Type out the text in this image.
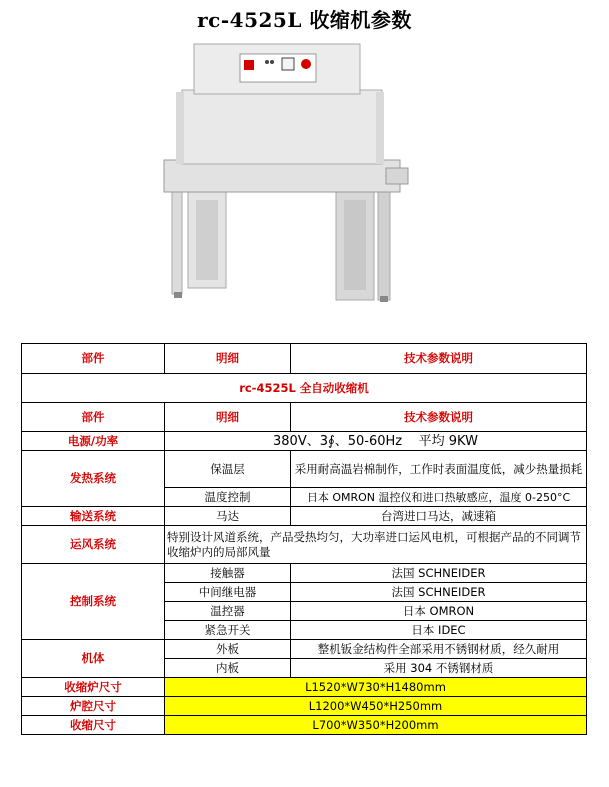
rc-4525L 收缩机参数
部件	明细	技术参数说明
rc-4525L 全自动收缩机		
部件	明细	技术参数说明
电源/功率	380V、3∮、50-60Hz    平均 9KW	
发热系统	保温层	采用耐高温岩棉制作，工作时表面温度低，减少热量损耗
	温度控制	日本 OMRON 温控仪和进口热敏感应，温度 0-250°C
输送系统	马达	台湾进口马达，减速箱
运风系统	特别设计风道系统，产品受热均匀，大功率进口运风电机，可根据产品的不同调节收缩炉内的局部风量	
控制系统	接触器	法国 SCHNEIDER
	中间继电器	法国 SCHNEIDER
	温控器	日本 OMRON
	紧急开关	日本 IDEC
机体	外板	整机钣金结构件全部采用不锈钢材质，经久耐用
	内板	采用 304 不锈钢材质
收缩炉尺寸	L1520*W730*H1480mm	
炉腔尺寸	L1200*W450*H250mm	
收缩尺寸	L700*W350*H200mm	
